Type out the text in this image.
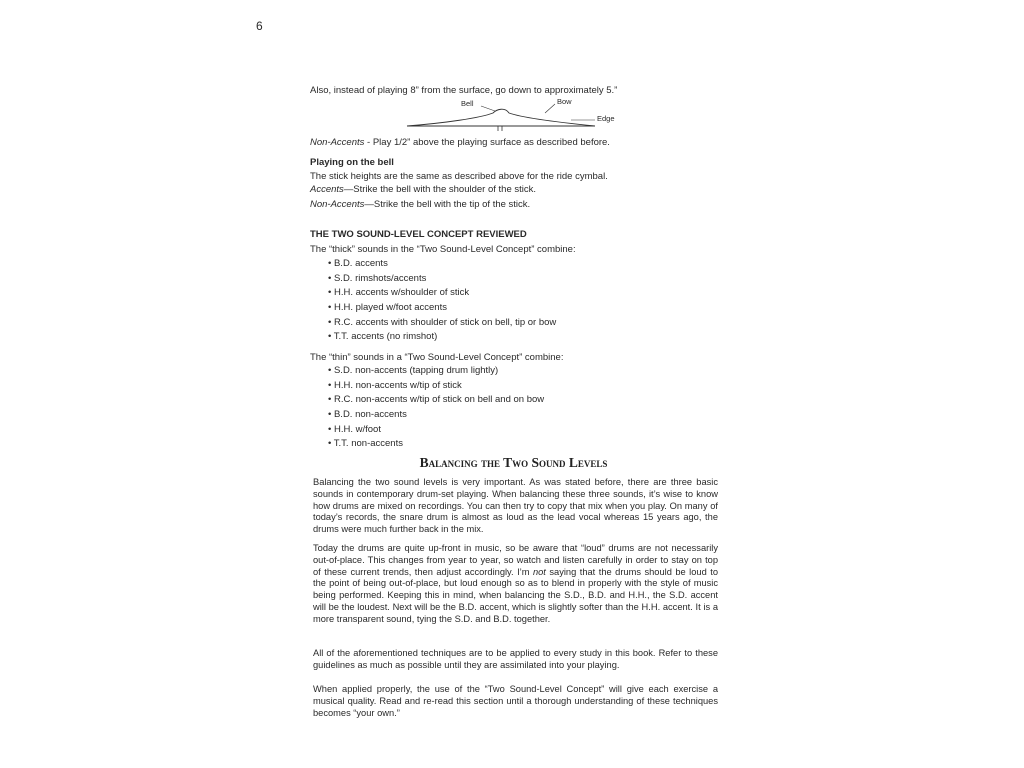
6
Also, instead of playing 8” from the surface, go down to approximately 5.”
Bell	Bow
Edge
Non-Accents - Play 1/2” above the playing surface as described before.
Playing on the bell
The stick heights are the same as described above for the ride cymbal.
Accents—Strike the bell with the shoulder of the stick.
Non-Accents—Strike the bell with the tip of the stick.
THE TWO SOUND-LEVEL CONCEPT REVIEWED
The “thick” sounds in the “Two Sound-Level Concept” combine:
• B.D. accents
• S.D. rimshots/accents
• H.H. accents w/shoulder of stick
• H.H. played w/foot accents
• R.C. accents with shoulder of stick on bell, tip or bow
• T.T. accents (no rimshot)
The “thin” sounds in a “Two Sound-Level Concept” combine:
• S.D. non-accents (tapping drum lightly)
• H.H. non-accents w/tip of stick
• R.C. non-accents w/tip of stick on bell and on bow
• B.D. non-accents
• H.H. w/foot
• T.T. non-accents
Balancing the Two Sound Levels

Balancing the two sound levels is very important. As was stated before, there are three basic sounds in contemporary drum-set playing. When balancing these three sounds, it’s wise to know how drums are mixed on recordings. You can then try to copy that mix when you play. On many of today’s records, the snare drum is almost as loud as the lead vocal whereas 15 years ago, the drums were much further back in the mix.

Today the drums are quite up-front in music, so be aware that “loud” drums are not necessarily out-of-place. This changes from year to year, so watch and listen carefully in order to stay on top of these current trends, then adjust accordingly. I’m not saying that the drums should be loud to the point of being out-of-place, but loud enough so as to blend in properly with the style of music being performed. Keeping this in mind, when balancing the S.D., B.D. and H.H., the S.D. accent will be the loudest. Next will be the B.D. accent, which is slightly softer than the H.H. accent. It is a more transparent sound, tying the S.D. and B.D. together.

All of the aforementioned techniques are to be applied to every study in this book. Refer to these guidelines as much as possible until they are assimilated into your playing.

When applied properly, the use of the “Two Sound-Level Concept” will give each exercise a musical quality. Read and re-read this section until a thorough understanding of these techniques becomes “your own.”
